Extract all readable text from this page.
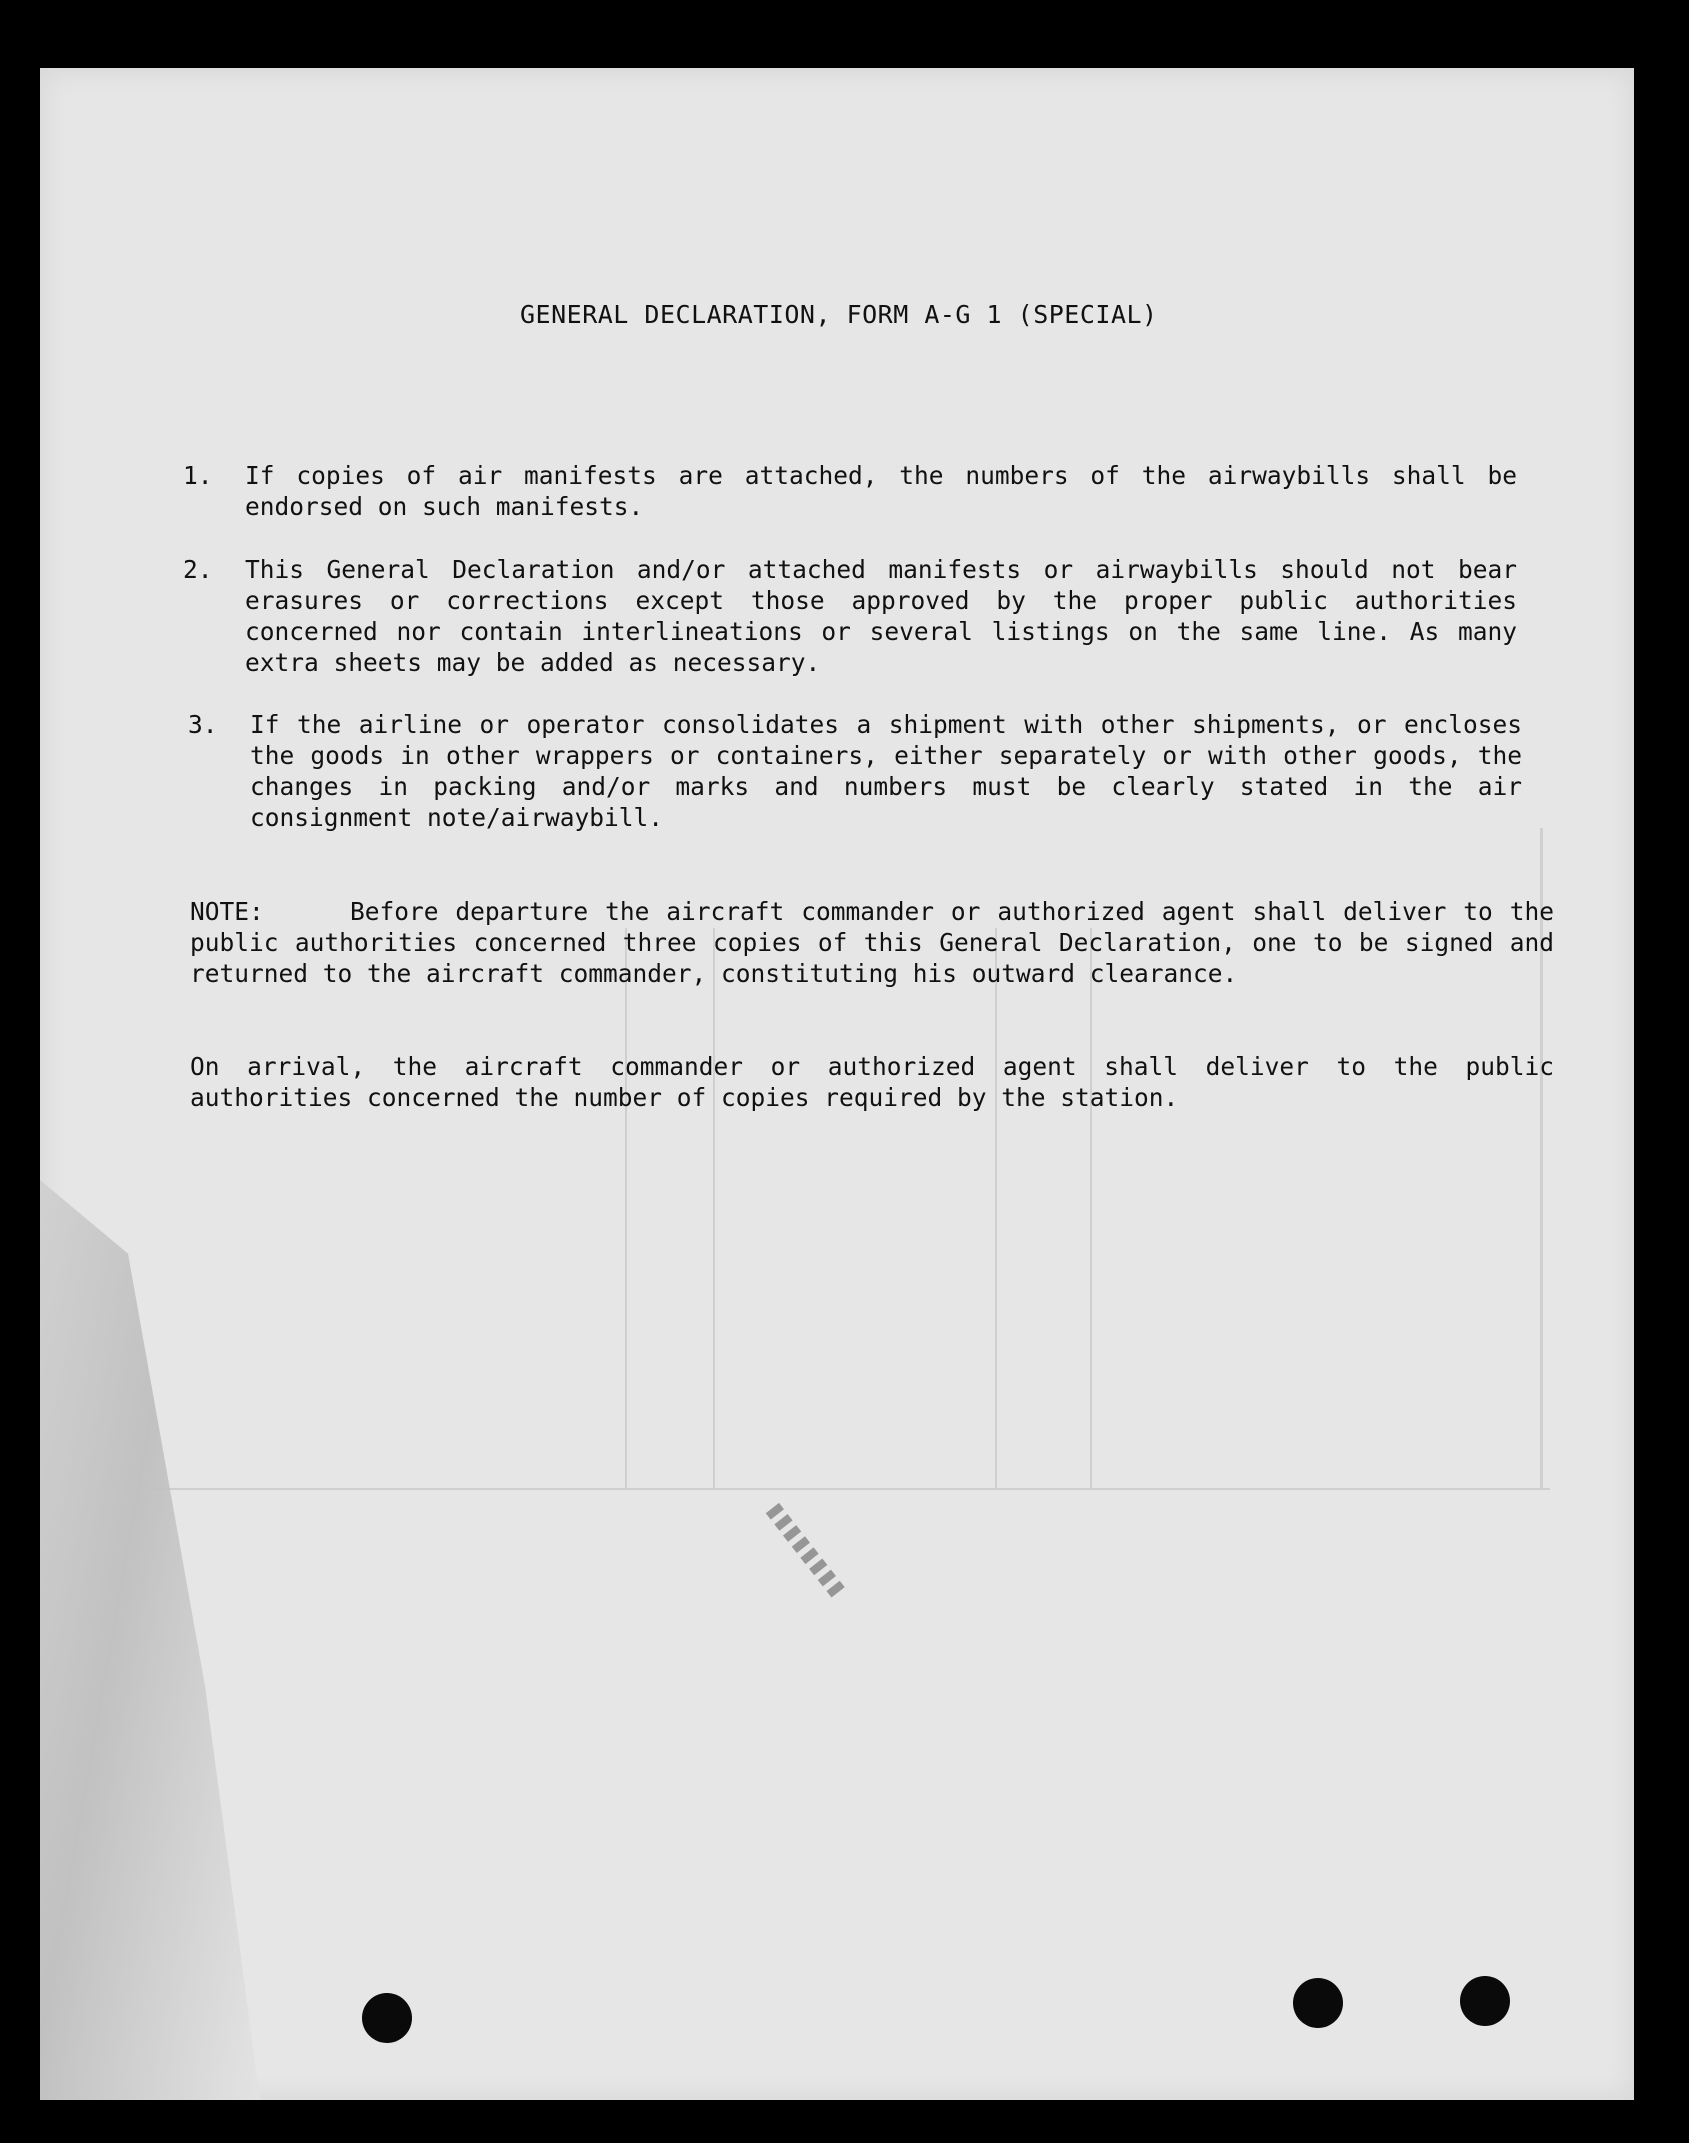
GENERAL DECLARATION, FORM A-G 1 (SPECIAL)
1. If copies of air manifests are attached, the numbers of the airwaybills shall be endorsed on such manifests.
2. This General Declaration and/or attached manifests or airwaybills should not bear erasures or corrections except those approved by the proper public authorities concerned nor contain interlineations or several listings on the same line. As many extra sheets may be added as necessary.
3. If the airline or operator consolidates a shipment with other shipments, or encloses the goods in other wrappers or containers, either separately or with other goods, the changes in packing and/or marks and numbers must be clearly stated in the air consignment note/airwaybill.
NOTE:	Before departure the aircraft commander or authorized agent shall deliver to the public authorities concerned three copies of this General Declaration, one to be signed and returned to the aircraft commander, constituting his outward clearance.
On arrival, the aircraft commander or authorized agent shall deliver to the public authorities concerned the number of copies required by the station.
▮▮▮▮▮▮▮▮
